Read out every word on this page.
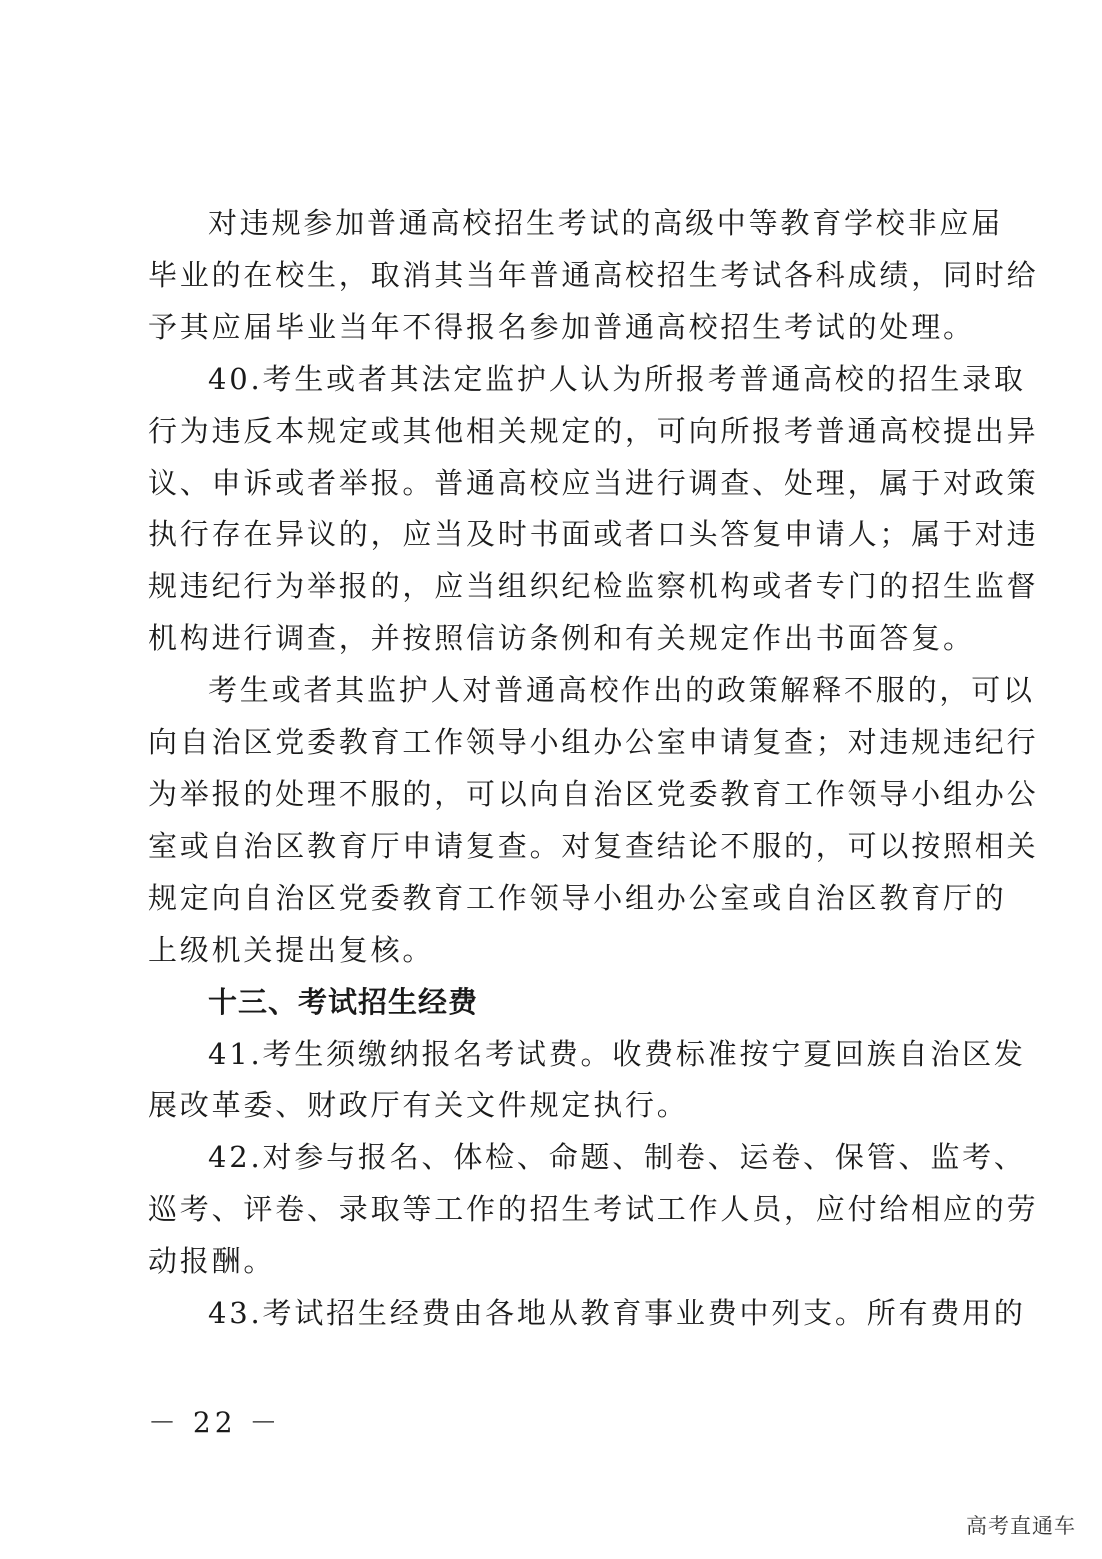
对违规参加普通高校招生考试的高级中等教育学校非应届
毕业的在校生，取消其当年普通高校招生考试各科成绩，同时给
予其应届毕业当年不得报名参加普通高校招生考试的处理。

40.考生或者其法定监护人认为所报考普通高校的招生录取
行为违反本规定或其他相关规定的，可向所报考普通高校提出异
议、申诉或者举报。普通高校应当进行调查、处理，属于对政策
执行存在异议的，应当及时书面或者口头答复申请人；属于对违
规违纪行为举报的，应当组织纪检监察机构或者专门的招生监督
机构进行调查，并按照信访条例和有关规定作出书面答复。

考生或者其监护人对普通高校作出的政策解释不服的，可以
向自治区党委教育工作领导小组办公室申请复查；对违规违纪行
为举报的处理不服的，可以向自治区党委教育工作领导小组办公
室或自治区教育厅申请复查。对复查结论不服的，可以按照相关
规定向自治区党委教育工作领导小组办公室或自治区教育厅的
上级机关提出复核。

十三、考试招生经费

41.考生须缴纳报名考试费。收费标准按宁夏回族自治区发
展改革委、财政厅有关文件规定执行。

42.对参与报名、体检、命题、制卷、运卷、保管、监考、
巡考、评卷、录取等工作的招生考试工作人员，应付给相应的劳
动报酬。

43.考试招生经费由各地从教育事业费中列支。所有费用的

－ 22 －
高考直通车
